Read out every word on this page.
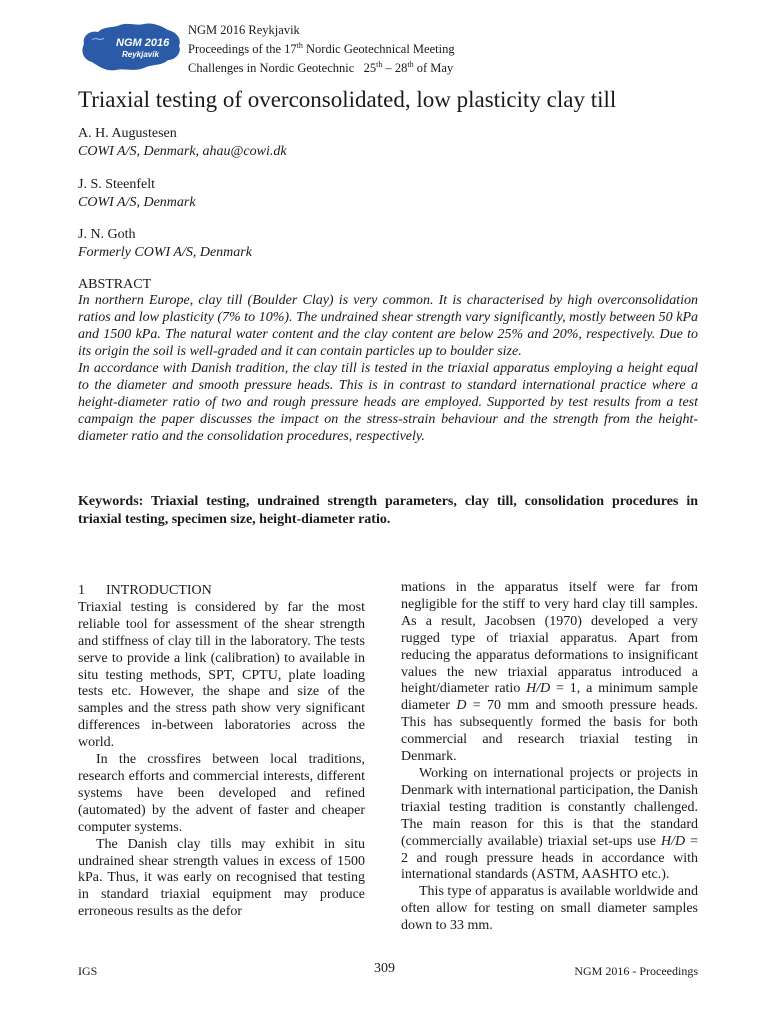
NGM 2016
Reykjavik
NGM 2016 Reykjavik
Proceedings of the 17th Nordic Geotechnical Meeting
Challenges in Nordic Geotechnic   25th – 28th of May
Triaxial testing of overconsolidated, low plasticity clay till
A. H. Augustesen
COWI A/S, Denmark, ahau@cowi.dk
J. S. Steenfelt
COWI A/S, Denmark
J. N. Goth
Formerly COWI A/S, Denmark
ABSTRACT

In northern Europe, clay till (Boulder Clay) is very common. It is characterised by high overconsolidation ratios and low plasticity (7% to 10%). The undrained shear strength vary significantly, mostly between 50 kPa and 1500 kPa. The natural water content and the clay content are below 25% and 20%, respectively. Due to its origin the soil is well-graded and it can contain particles up to boulder size.

In accordance with Danish tradition, the clay till is tested in the triaxial apparatus employing a height equal to the diameter and smooth pressure heads. This is in contrast to standard international practice where a height-diameter ratio of two and rough pressure heads are employed. Supported by test results from a test campaign the paper discusses the impact on the stress-strain behaviour and the strength from the height-diameter ratio and the consolidation procedures, respectively.

Keywords: Triaxial testing, undrained strength parameters, clay till, consolidation procedures in triaxial testing, specimen size, height-diameter ratio.

1 INTRODUCTION

Triaxial testing is considered by far the most reliable tool for assessment of the shear strength and stiffness of clay till in the laboratory. The tests serve to provide a link (calibration) to available in situ testing methods, SPT, CPTU, plate loading tests etc. However, the shape and size of the samples and the stress path show very significant differences in-between laboratories across the world.

In the crossfires between local traditions, research efforts and commercial interests, different systems have been developed and refined (automated) by the advent of faster and cheaper computer systems.

The Danish clay tills may exhibit in situ undrained shear strength values in excess of 1500 kPa. Thus, it was early on recognised that testing in standard triaxial equipment may produce erroneous results as the defor

mations in the apparatus itself were far from negligible for the stiff to very hard clay till samples. As a result, Jacobsen (1970) developed a very rugged type of triaxial apparatus. Apart from reducing the apparatus deformations to insignificant values the new triaxial apparatus introduced a height/diameter ratio H/D = 1, a minimum sample diameter D = 70 mm and smooth pressure heads. This has subsequently formed the basis for both commercial and research triaxial testing in Denmark.

Working on international projects or projects in Denmark with international participation, the Danish triaxial testing tradition is constantly challenged. The main reason for this is that the standard (commercially available) triaxial set-ups use H/D = 2 and rough pressure heads in accordance with international standards (ASTM, AASHTO etc.).

This type of apparatus is available worldwide and often allow for testing on small diameter samples down to 33 mm.

IGS	309	NGM 2016 - Proceedings
